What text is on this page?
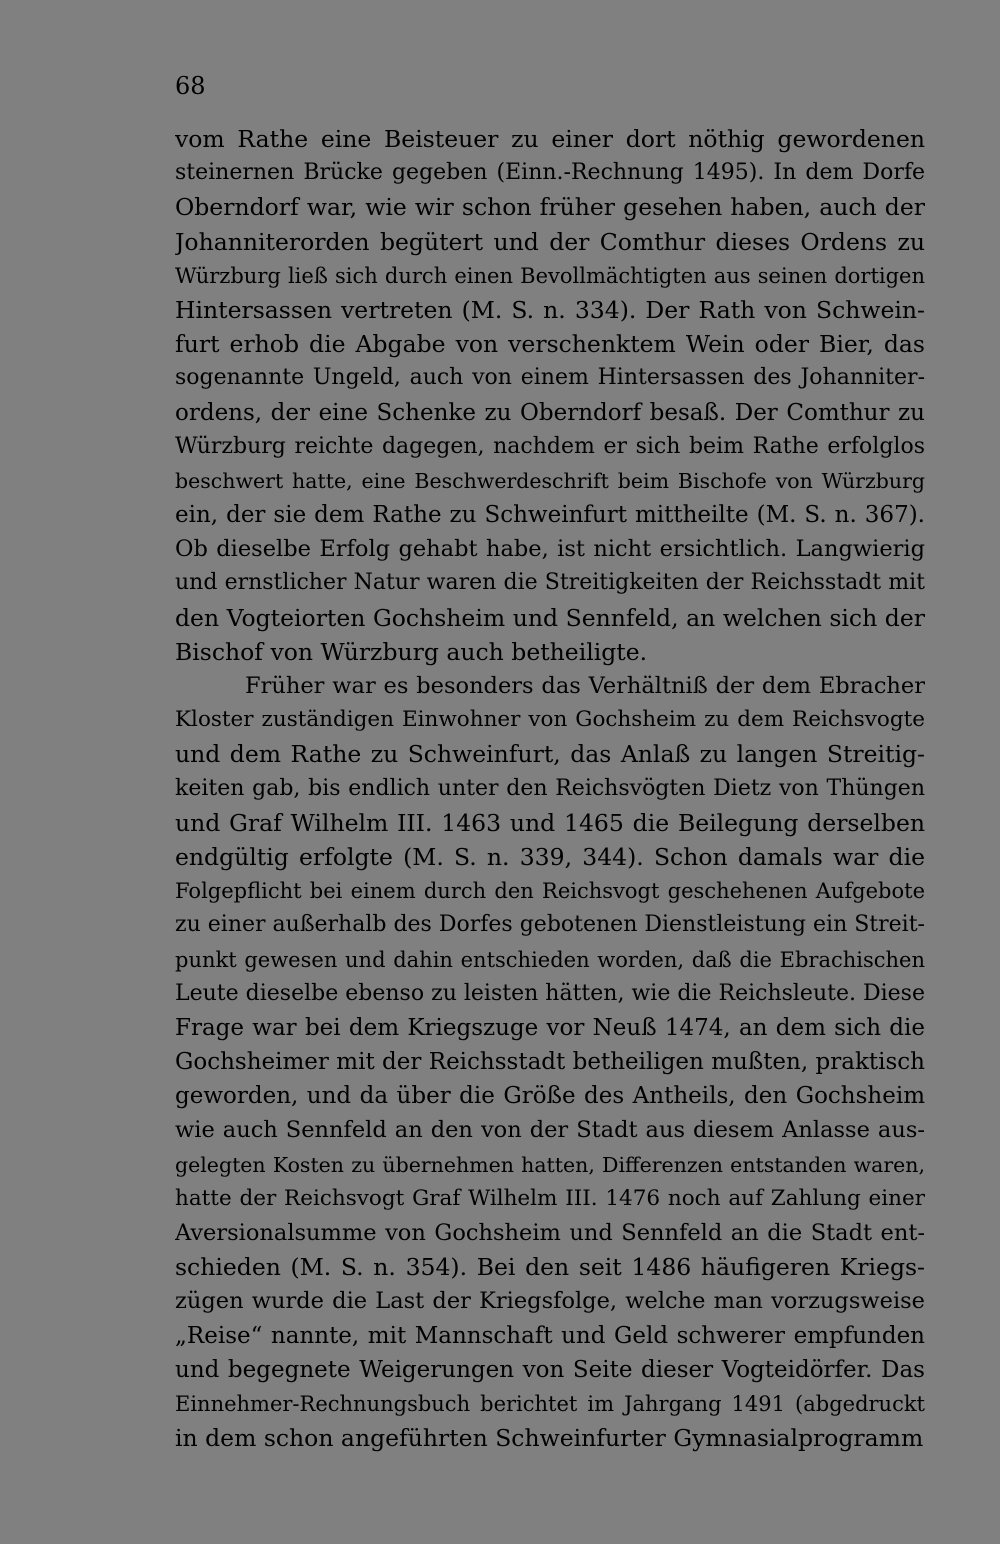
68
vom Rathe eine Beisteuer zu einer dort nöthig gewordenen
steinernen Brücke gegeben (Einn.-Rechnung 1495). In dem Dorfe
Oberndorf war, wie wir schon früher gesehen haben, auch der
Johanniterorden begütert und der Comthur dieses Ordens zu
Würzburg ließ sich durch einen Bevollmächtigten aus seinen dortigen
Hintersassen vertreten (M. S. n. 334). Der Rath von Schwein-
furt erhob die Abgabe von verschenktem Wein oder Bier, das
sogenannte Ungeld, auch von einem Hintersassen des Johanniter-
ordens, der eine Schenke zu Oberndorf besaß. Der Comthur zu
Würzburg reichte dagegen, nachdem er sich beim Rathe erfolglos
beschwert hatte, eine Beschwerdeschrift beim Bischofe von Würzburg
ein, der sie dem Rathe zu Schweinfurt mittheilte (M. S. n. 367).
Ob dieselbe Erfolg gehabt habe, ist nicht ersichtlich. Langwierig
und ernstlicher Natur waren die Streitigkeiten der Reichsstadt mit
den Vogteiorten Gochsheim und Sennfeld, an welchen sich der
Bischof von Würzburg auch betheiligte.
Früher war es besonders das Verhältniß der dem Ebracher
Kloster zuständigen Einwohner von Gochsheim zu dem Reichsvogte
und dem Rathe zu Schweinfurt, das Anlaß zu langen Streitig-
keiten gab, bis endlich unter den Reichsvögten Dietz von Thüngen
und Graf Wilhelm III. 1463 und 1465 die Beilegung derselben
endgültig erfolgte (M. S. n. 339, 344). Schon damals war die
Folgepflicht bei einem durch den Reichsvogt geschehenen Aufgebote
zu einer außerhalb des Dorfes gebotenen Dienstleistung ein Streit-
punkt gewesen und dahin entschieden worden, daß die Ebrachischen
Leute dieselbe ebenso zu leisten hätten, wie die Reichsleute. Diese
Frage war bei dem Kriegszuge vor Neuß 1474, an dem sich die
Gochsheimer mit der Reichsstadt betheiligen mußten, praktisch
geworden, und da über die Größe des Antheils, den Gochsheim
wie auch Sennfeld an den von der Stadt aus diesem Anlasse aus-
gelegten Kosten zu übernehmen hatten, Differenzen entstanden waren,
hatte der Reichsvogt Graf Wilhelm III. 1476 noch auf Zahlung einer
Aversionalsumme von Gochsheim und Sennfeld an die Stadt ent-
schieden (M. S. n. 354). Bei den seit 1486 häufigeren Kriegs-
zügen wurde die Last der Kriegsfolge, welche man vorzugsweise
„Reise“ nannte, mit Mannschaft und Geld schwerer empfunden
und begegnete Weigerungen von Seite dieser Vogteidörfer. Das
Einnehmer-Rechnungsbuch berichtet im Jahrgang 1491 (abgedruckt
in dem schon angeführten Schweinfurter Gymnasialprogramm
